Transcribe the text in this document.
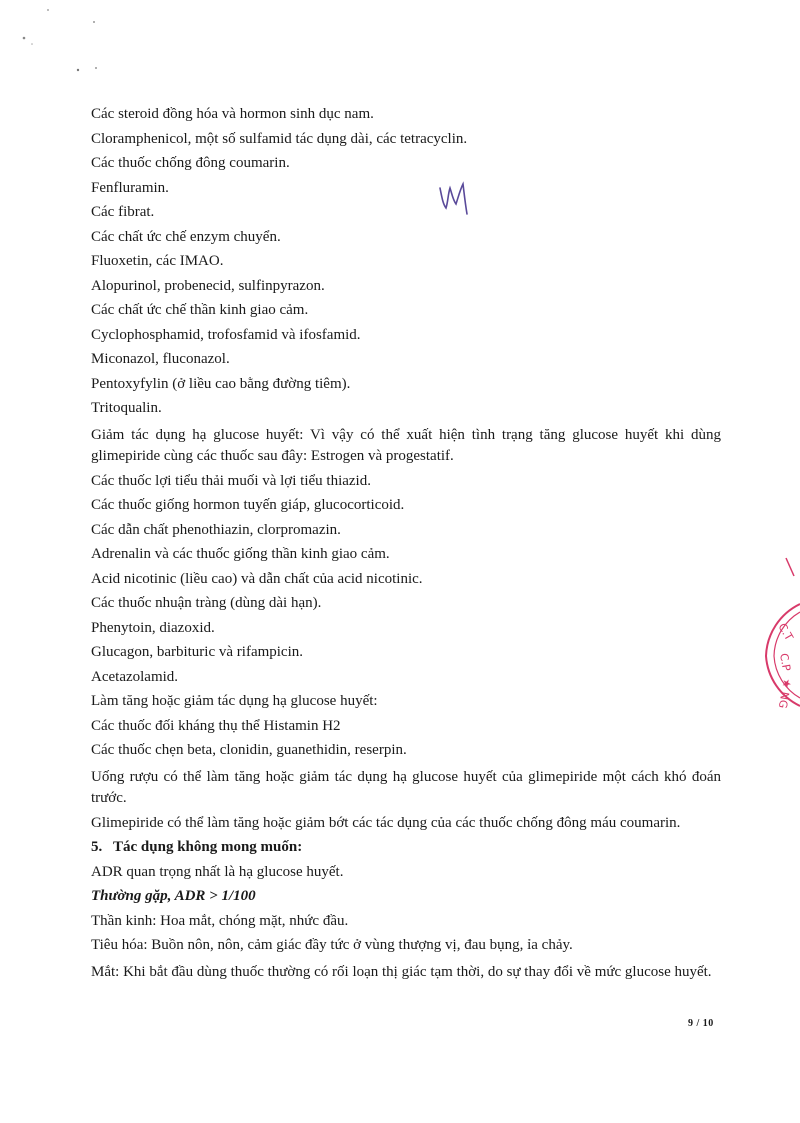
C.T
C.P
★ NG
Các steroid đồng hóa và hormon sinh dục nam.
Cloramphenicol, một số sulfamid tác dụng dài, các tetracyclin.
Các thuốc chống đông coumarin.
Fenfluramin.
Các fibrat.
Các chất ức chế enzym chuyển.
Fluoxetin, các IMAO.
Alopurinol, probenecid, sulfinpyrazon.
Các chất ức chế thần kinh giao cảm.
Cyclophosphamid, trofosfamid và ifosfamid.
Miconazol, fluconazol.
Pentoxyfylin (ở liều cao bằng đường tiêm).
Tritoqualin.
Giảm tác dụng hạ glucose huyết: Vì vậy có thể xuất hiện tình trạng tăng glucose huyết khi dùng glimepiride cùng các thuốc sau đây: Estrogen và progestatif.
Các thuốc lợi tiểu thải muối và lợi tiểu thiazid.
Các thuốc giống hormon tuyến giáp, glucocorticoid.
Các dẫn chất phenothiazin, clorpromazin.
Adrenalin và các thuốc giống thần kinh giao cảm.
Acid nicotinic (liều cao) và dẫn chất của acid nicotinic.
Các thuốc nhuận tràng (dùng dài hạn).
Phenytoin, diazoxid.
Glucagon, barbituric và rifampicin.
Acetazolamid.
Làm tăng hoặc giảm tác dụng hạ glucose huyết:
Các thuốc đối kháng thụ thể Histamin H2
Các thuốc chẹn beta, clonidin, guanethidin, reserpin.
Uống rượu có thể làm tăng hoặc giảm tác dụng hạ glucose huyết của glimepiride một cách khó đoán trước.
Glimepiride có thể làm tăng hoặc giảm bớt các tác dụng của các thuốc chống đông máu coumarin.
5. Tác dụng không mong muốn:
ADR quan trọng nhất là hạ glucose huyết.
Thường gặp, ADR > 1/100
Thần kinh: Hoa mắt, chóng mặt, nhức đầu.
Tiêu hóa: Buồn nôn, nôn, cảm giác đầy tức ở vùng thượng vị, đau bụng, ỉa chảy.
Mắt: Khi bắt đầu dùng thuốc thường có rối loạn thị giác tạm thời, do sự thay đổi về mức glucose huyết.
9 / 10
